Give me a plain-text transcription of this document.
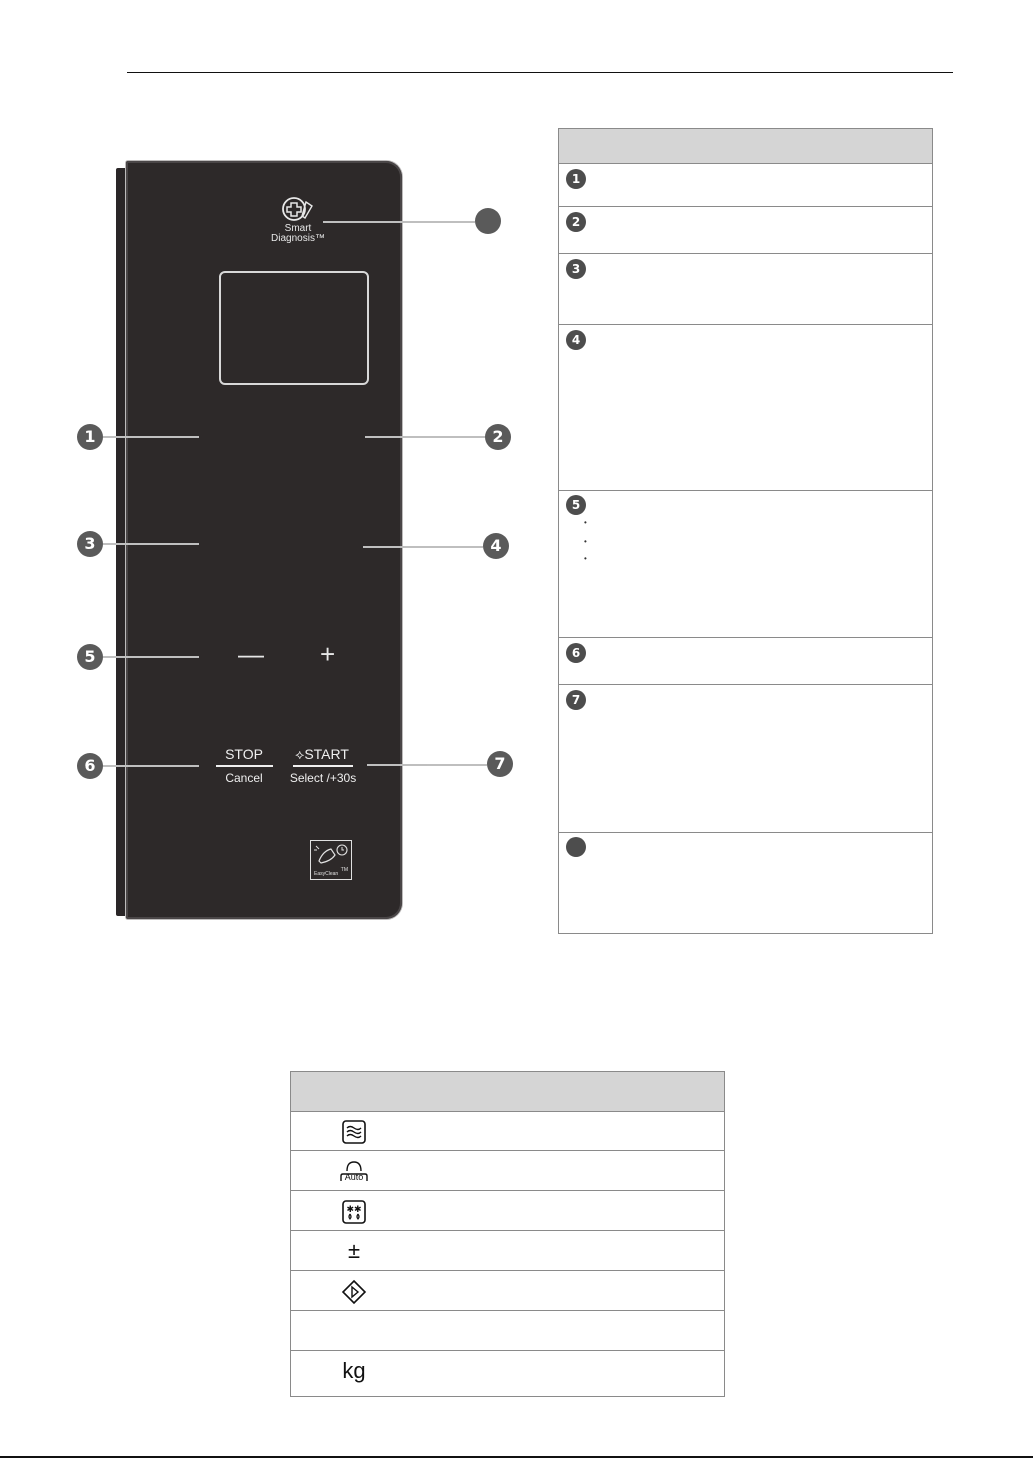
Smart
Diagnosis™
— +
STOP
Cancel
⟡START
Select /+30s
TM
EasyClean
1	2
3	4
5
6	7
1
2
3
4
5
•
•
•
6
7
Auto
✱✱
±
kg
